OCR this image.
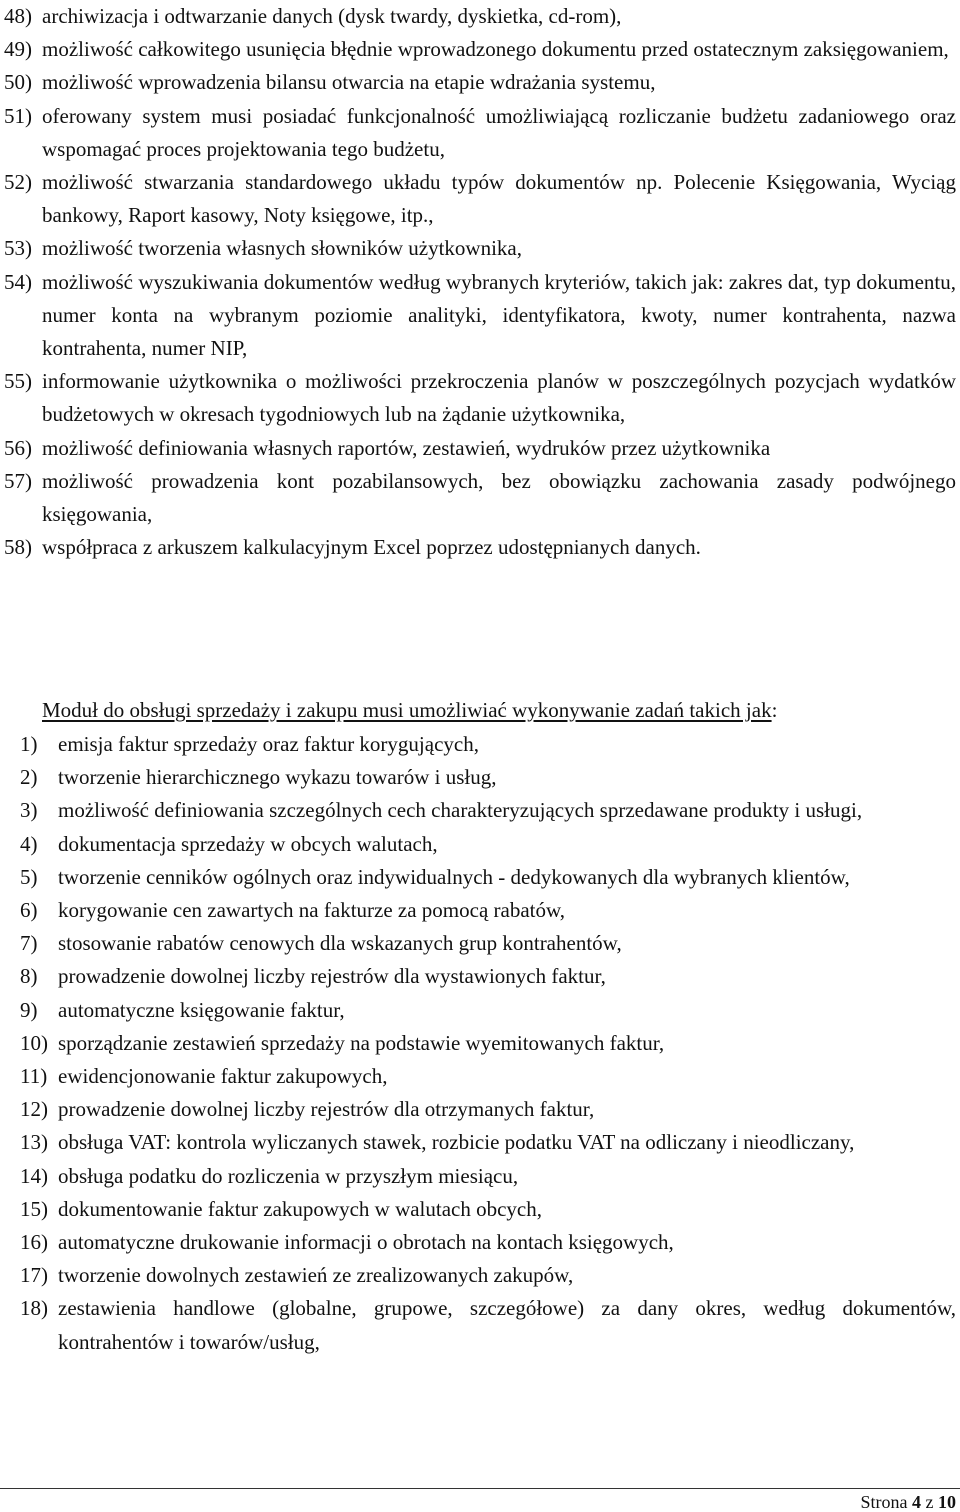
48) archiwizacja i odtwarzanie danych (dysk twardy, dyskietka, cd-rom),
49) możliwość całkowitego usunięcia błędnie wprowadzonego dokumentu przed ostatecznym zaksięgowaniem,
50) możliwość wprowadzenia bilansu otwarcia na etapie wdrażania systemu,
51) oferowany system musi posiadać funkcjonalność umożliwiającą rozliczanie budżetu zadaniowego oraz wspomagać proces projektowania tego budżetu,
52) możliwość stwarzania standardowego układu typów dokumentów np. Polecenie Księgowania, Wyciąg bankowy, Raport kasowy, Noty księgowe, itp.,
53) możliwość tworzenia własnych słowników użytkownika,
54) możliwość wyszukiwania dokumentów według wybranych kryteriów, takich jak: zakres dat, typ dokumentu, numer konta na wybranym poziomie analityki, identyfikatora, kwoty, numer kontrahenta, nazwa kontrahenta, numer NIP,
55) informowanie użytkownika o możliwości przekroczenia planów w poszczególnych pozycjach wydatków budżetowych w okresach tygodniowych lub na żądanie użytkownika,
56) możliwość definiowania własnych raportów, zestawień, wydruków przez użytkownika
57) możliwość prowadzenia kont pozabilansowych, bez obowiązku zachowania zasady podwójnego księgowania,
58) współpraca z arkuszem kalkulacyjnym Excel poprzez udostępnianych danych.

Moduł do obsługi sprzedaży i zakupu musi umożliwiać wykonywanie zadań takich jak:

1) emisja faktur sprzedaży oraz faktur korygujących,
2) tworzenie hierarchicznego wykazu towarów i usług,
3) możliwość definiowania szczególnych cech charakteryzujących sprzedawane produkty i usługi,
4) dokumentacja sprzedaży w obcych walutach,
5) tworzenie cenników ogólnych oraz indywidualnych - dedykowanych dla wybranych klientów,
6) korygowanie cen zawartych na fakturze za pomocą rabatów,
7) stosowanie rabatów cenowych dla wskazanych grup kontrahentów,
8) prowadzenie dowolnej liczby rejestrów dla wystawionych faktur,
9) automatyczne księgowanie faktur,
10) sporządzanie zestawień sprzedaży na podstawie wyemitowanych faktur,
11) ewidencjonowanie faktur zakupowych,
12) prowadzenie dowolnej liczby rejestrów dla otrzymanych faktur,
13) obsługa VAT: kontrola wyliczanych stawek, rozbicie podatku VAT na odliczany i nieodliczany,
14) obsługa podatku do rozliczenia w przyszłym miesiącu,
15) dokumentowanie faktur zakupowych w walutach obcych,
16) automatyczne drukowanie informacji o obrotach na kontach księgowych,
17) tworzenie dowolnych zestawień ze zrealizowanych zakupów,
18) zestawienia handlowe (globalne, grupowe, szczegółowe) za dany okres, według dokumentów, kontrahentów i towarów/usług,
Strona 4 z 10
